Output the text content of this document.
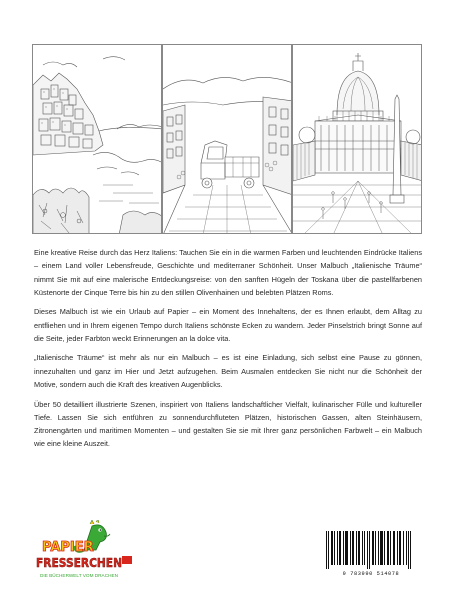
Eine kreative Reise durch das Herz Italiens: Tauchen Sie ein in die warmen Farben und leuchtenden Eindrücke Italiens – einem Land voller Lebensfreude, Geschichte und mediterraner Schönheit. Unser Malbuch „Italienische Träume“ nimmt Sie mit auf eine malerische Entdeckungsreise: von den sanften Hügeln der Toskana über die pastellfarbenen Küstenorte der Cinque Terre bis hin zu den stillen Olivenhainen und belebten Plätzen Roms.

Dieses Malbuch ist wie ein Urlaub auf Papier – ein Moment des Innehaltens, der es Ihnen erlaubt, dem Alltag zu entfliehen und in Ihrem eigenen Tempo durch Italiens schönste Ecken zu wandern. Jeder Pinselstrich bringt Sonne auf die Seite, jeder Farbton weckt Erinnerungen an la dolce vita.

„Italienische Träume“ ist mehr als nur ein Malbuch – es ist eine Einladung, sich selbst eine Pause zu gönnen, innezuhalten und ganz im Hier und Jetzt aufzugehen. Beim Ausmalen entdecken Sie nicht nur die Schönheit der Motive, sondern auch die Kraft des kreativen Augenblicks.

Über 50 detailliert illustrierte Szenen, inspiriert von Italiens landschaftlicher Vielfalt, kulinarischer Fülle und kultureller Tiefe. Lassen Sie sich entführen zu sonnendurchfluteten Plätzen, historischen Gassen, alten Steinhäusern, Zitronengärten und maritimen Momenten – und gestalten Sie sie mit Ihrer ganz persönlichen Farbwelt – ein Malbuch wie eine kleine Auszeit.

PAPIER
FRESSERCHEN
DIE BÜCHERWELT VOM DRACHEN	9 783990 514078
